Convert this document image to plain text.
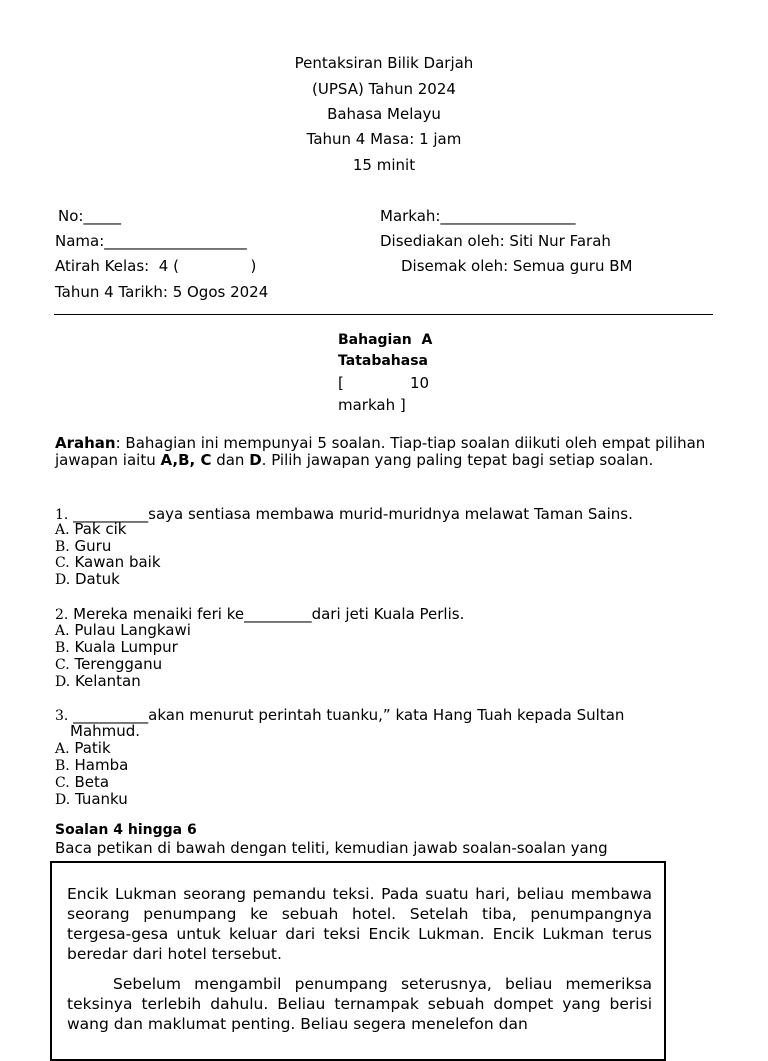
Pentaksiran Bilik Darjah
(UPSA) Tahun 2024
Bahasa Melayu
Tahun 4 Masa: 1 jam
15 minit
No:_____	Markah:__________________
Nama:___________________	Disediakan oleh: Siti Nur Farah
Atirah Kelas:  4 (               )	Disemak oleh: Semua guru BM
Tahun 4 Tarikh: 5 Ogos 2024
Bahagian  A
Tatabahasa
[	10
markah ]
Arahan: Bahagian ini mempunyai 5 soalan. Tiap-tiap soalan diikuti oleh empat pilihan jawapan iaitu A,B, C dan D. Pilih jawapan yang paling tepat bagi setiap soalan.
1. __________saya sentiasa membawa murid-muridnya melawat Taman Sains.
A. Pak cik
B. Guru
C. Kawan baik
D. Datuk
2. Mereka menaiki feri ke_________dari jeti Kuala Perlis.
A. Pulau Langkawi
B. Kuala Lumpur
C. Terengganu
D. Kelantan
3. __________akan menurut perintah tuanku,” kata Hang Tuah kepada Sultan
Mahmud.
A. Patik
B. Hamba
C. Beta
D. Tuanku
Soalan 4 hingga 6
Baca petikan di bawah dengan teliti, kemudian jawab soalan-soalan yang
Encik Lukman seorang pemandu teksi. Pada suatu hari, beliau membawa seorang penumpang ke sebuah hotel. Setelah tiba, penumpangnya tergesa-gesa untuk keluar dari teksi Encik Lukman. Encik Lukman terus beredar dari hotel tersebut.
Sebelum mengambil penumpang seterusnya, beliau memeriksa teksinya terlebih dahulu. Beliau ternampak sebuah dompet yang berisi wang dan maklumat penting. Beliau segera menelefon dan
